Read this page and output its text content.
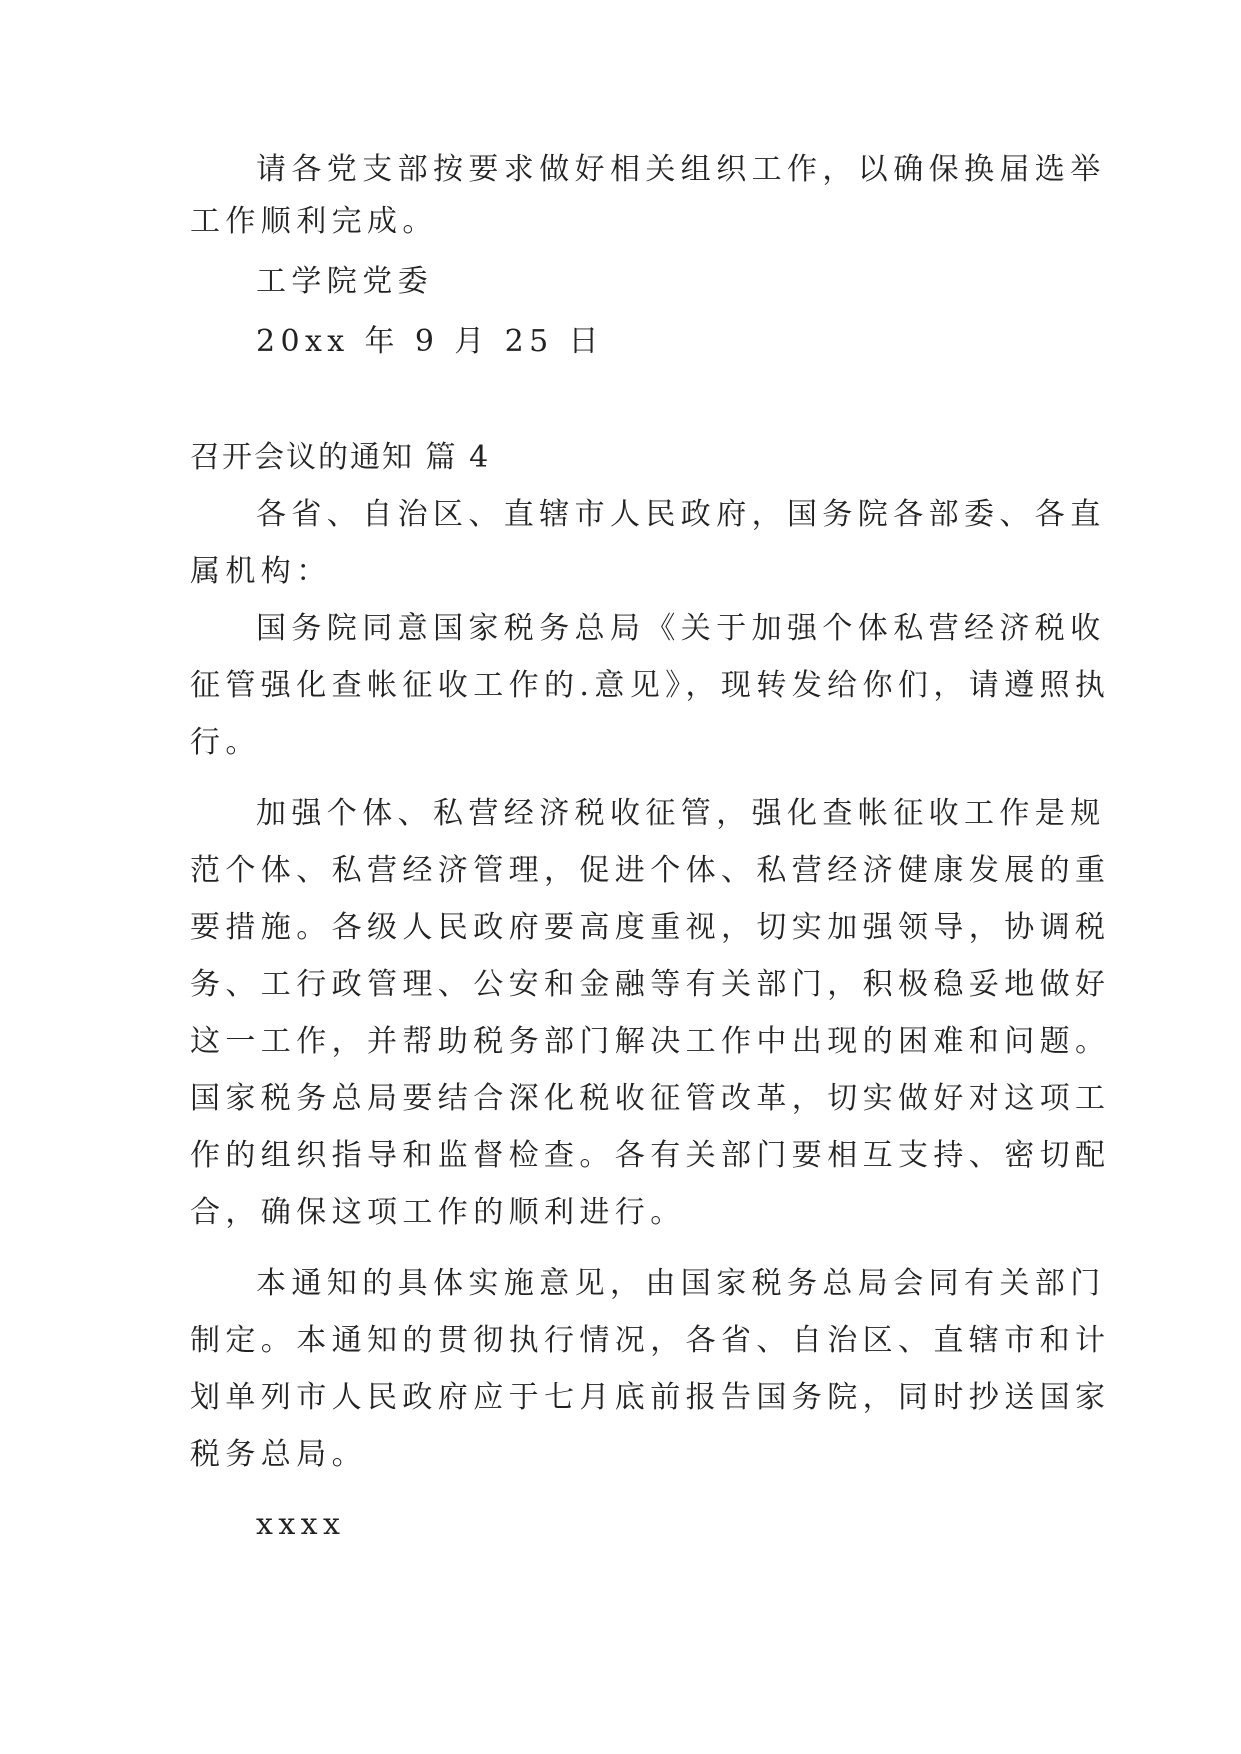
请各党支部按要求做好相关组织工作，以确保换届选举
工作顺利完成。
工学院党委
20xx 年 9 月 25 日
召开会议的通知 篇 4
各省、自治区、直辖市人民政府，国务院各部委、各直
属机构：
国务院同意国家税务总局《关于加强个体私营经济税收
征管强化查帐征收工作的.意见》，现转发给你们，请遵照执
行。
加强个体、私营经济税收征管，强化查帐征收工作是规
范个体、私营经济管理，促进个体、私营经济健康发展的重
要措施。各级人民政府要高度重视，切实加强领导，协调税
务、工行政管理、公安和金融等有关部门，积极稳妥地做好
这一工作，并帮助税务部门解决工作中出现的困难和问题。
国家税务总局要结合深化税收征管改革，切实做好对这项工
作的组织指导和监督检查。各有关部门要相互支持、密切配
合，确保这项工作的顺利进行。
本通知的具体实施意见，由国家税务总局会同有关部门
制定。本通知的贯彻执行情况，各省、自治区、直辖市和计
划单列市人民政府应于七月底前报告国务院，同时抄送国家
税务总局。
xxxx
